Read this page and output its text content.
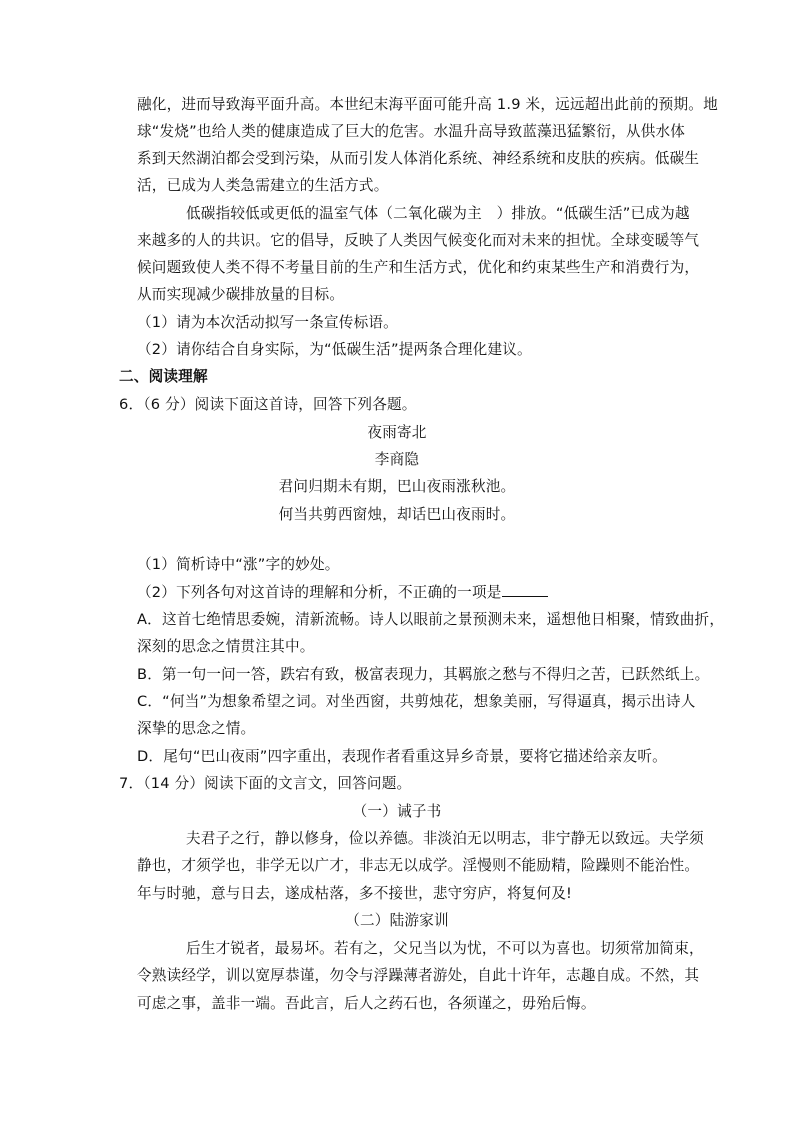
融化，进而导致海平面升高。本世纪末海平面可能升高 1.9 米，远远超出此前的预期。地
球“发烧”也给人类的健康造成了巨大的危害。水温升高导致蓝藻迅猛繁衍，从供水体
系到天然湖泊都会受到污染，从而引发人体消化系统、神经系统和皮肤的疾病。低碳生
活，已成为人类急需建立的生活方式。
低碳指较低或更低的温室气体（二氧化碳为主　）排放。“低碳生活”已成为越
来越多的人的共识。它的倡导，反映了人类因气候变化而对未来的担忧。全球变暖等气
候问题致使人类不得不考量目前的生产和生活方式，优化和约束某些生产和消费行为，
从而实现减少碳排放量的目标。
（1）请为本次活动拟写一条宣传标语。
（2）请你结合自身实际，为“低碳生活”提两条合理化建议。
二、阅读理解
6．（6 分）阅读下面这首诗，回答下列各题。
夜雨寄北
李商隐
君问归期未有期，巴山夜雨涨秋池。
何当共剪西窗烛，却话巴山夜雨时。
（1）简析诗中“涨”字的妙处。
（2）下列各句对这首诗的理解和分析，不正确的一项是
A．这首七绝情思委婉，清新流畅。诗人以眼前之景预测未来，遥想他日相聚，情致曲折，
深刻的思念之情贯注其中。
B．第一句一问一答，跌宕有致，极富表现力，其羁旅之愁与不得归之苦，已跃然纸上。
C．“何当”为想象希望之词。对坐西窗，共剪烛花，想象美丽，写得逼真，揭示出诗人
深挚的思念之情。
D．尾句“巴山夜雨”四字重出，表现作者看重这异乡奇景，要将它描述给亲友听。
7．（14 分）阅读下面的文言文，回答问题。
（一）诫子书
夫君子之行，静以修身，俭以养德。非淡泊无以明志，非宁静无以致远。夫学须
静也，才须学也，非学无以广才，非志无以成学。淫慢则不能励精，险躁则不能治性。
年与时驰，意与日去，遂成枯落，多不接世，悲守穷庐，将复何及!
（二）陆游家训
后生才锐者，最易坏。若有之，父兄当以为忧，不可以为喜也。切须常加简束，
令熟读经学，训以宽厚恭谨，勿令与浮躁薄者游处，自此十许年，志趣自成。不然，其
可虑之事，盖非一端。吾此言，后人之药石也，各须谨之，毋殆后悔。
